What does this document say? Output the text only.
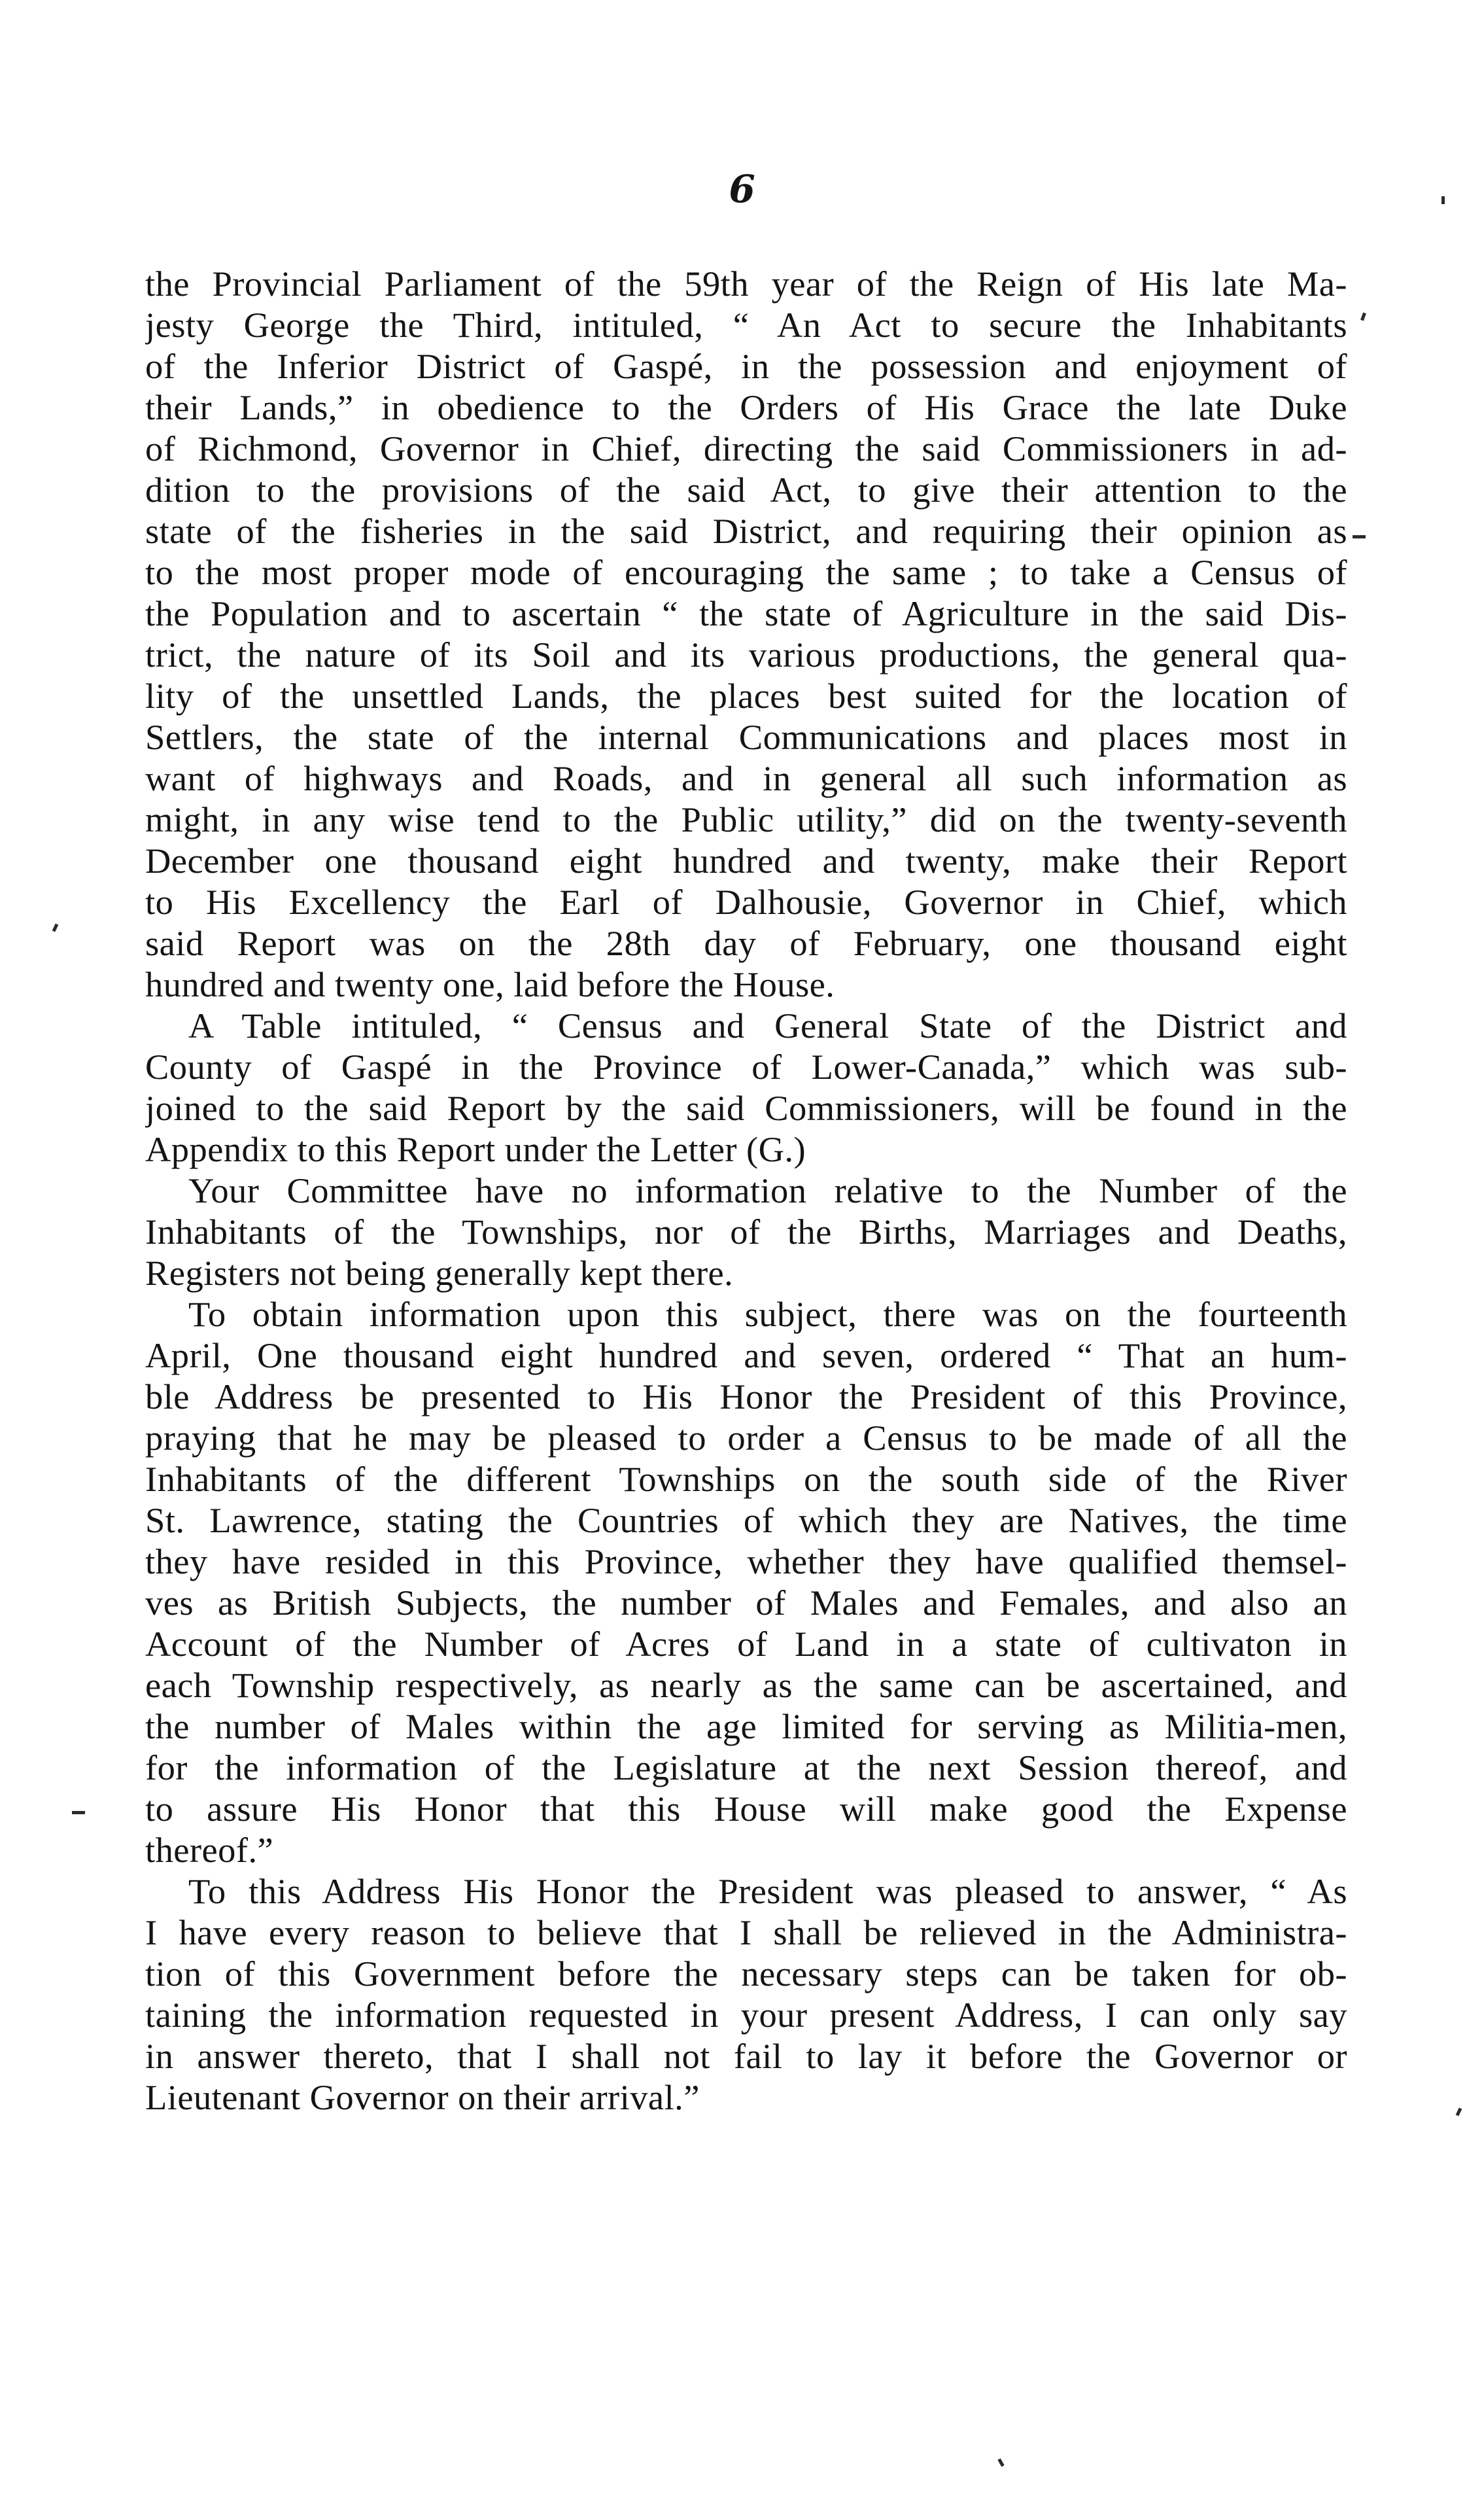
6
the Provincial Parliament of the 59th year of the Reign of His late Ma-
jesty George the Third, intituled, “ An Act to secure the Inhabitants
of the Inferior District of Gaspé, in the possession and enjoyment of
their Lands,” in obedience to the Orders of His Grace the late Duke
of Richmond, Governor in Chief, directing the said Commissioners in ad-
dition to the provisions of the said Act, to give their attention to the
state of the fisheries in the said District, and requiring their opinion as
to the most proper mode of encouraging the same ; to take a Census of
the Population and to ascertain “ the state of Agriculture in the said Dis-
trict, the nature of its Soil and its various productions, the general qua-
lity of the unsettled Lands, the places best suited for the location of
Settlers, the state of the internal Communications and places most in
want of highways and Roads, and in general all such information as
might, in any wise tend to the Public utility,” did on the twenty-seventh
December one thousand eight hundred and twenty, make their Report
to His Excellency the Earl of Dalhousie, Governor in Chief, which
said Report was on the 28th day of February, one thousand eight
hundred and twenty one, laid before the House.
A Table intituled, “ Census and General State of the District and
County of Gaspé in the Province of Lower-Canada,” which was sub-
joined to the said Report by the said Commissioners, will be found in the
Appendix to this Report under the Letter (G.)
Your Committee have no information relative to the Number of the
Inhabitants of the Townships, nor of the Births, Marriages and Deaths,
Registers not being generally kept there.
To obtain information upon this subject, there was on the fourteenth
April, One thousand eight hundred and seven, ordered “ That an hum-
ble Address be presented to His Honor the President of this Province,
praying that he may be pleased to order a Census to be made of all the
Inhabitants of the different Townships on the south side of the River
St. Lawrence, stating the Countries of which they are Natives, the time
they have resided in this Province, whether they have qualified themsel-
ves as British Subjects, the number of Males and Females, and also an
Account of the Number of Acres of Land in a state of cultivaton in
each Township respectively, as nearly as the same can be ascertained, and
the number of Males within the age limited for serving as Militia-men,
for the information of the Legislature at the next Session thereof, and
to assure His Honor that this House will make good the Expense
thereof.”
To this Address His Honor the President was pleased to answer, “ As
I have every reason to believe that I shall be relieved in the Administra-
tion of this Government before the necessary steps can be taken for ob-
taining the information requested in your present Address, I can only say
in answer thereto, that I shall not fail to lay it before the Governor or
Lieutenant Governor on their arrival.”
